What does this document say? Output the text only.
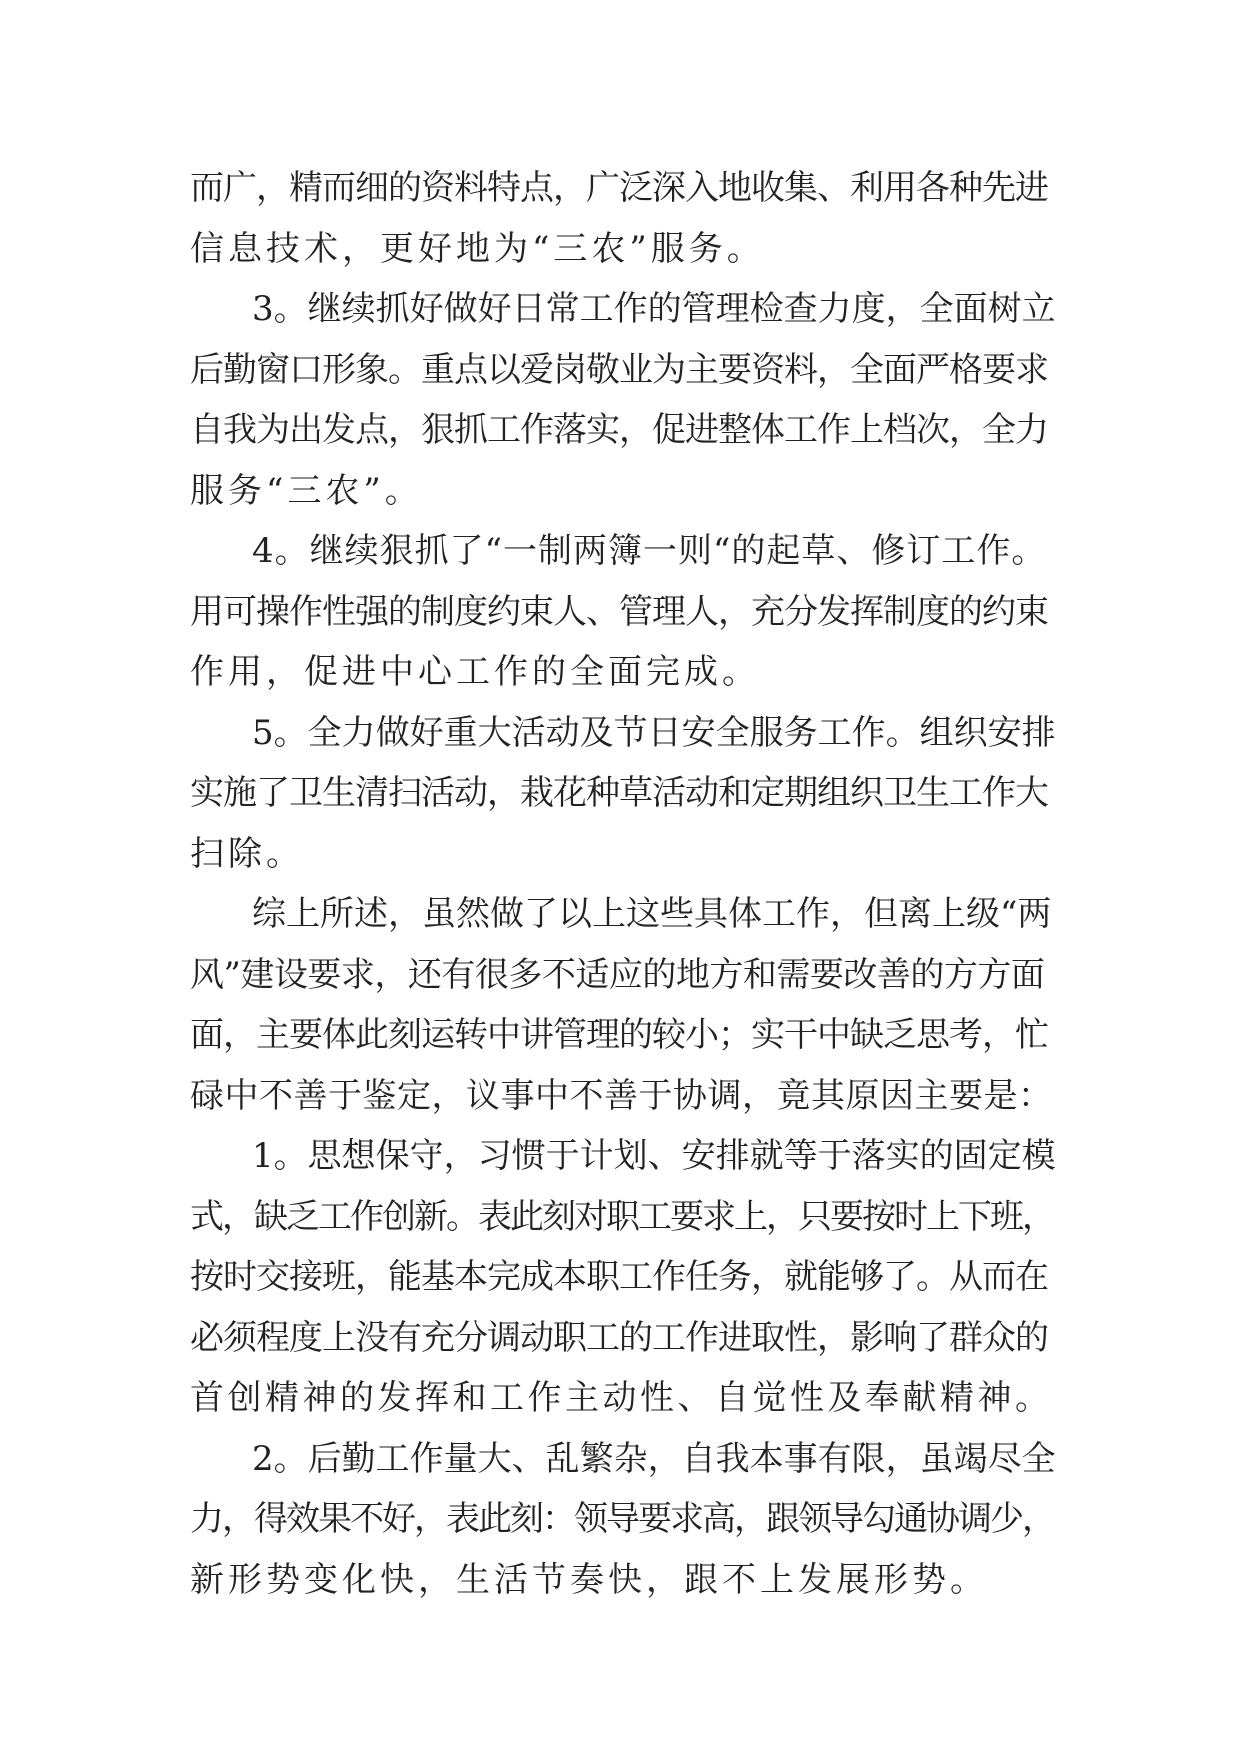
而广，精而细的资料特点，广泛深入地收集、利用各种先进
信息技术，更好地为“三农”服务。
3。继续抓好做好日常工作的管理检查力度，全面树立
后勤窗口形象。重点以爱岗敬业为主要资料，全面严格要求
自我为出发点，狠抓工作落实，促进整体工作上档次，全力
服务“三农”。
4。继续狠抓了“一制两簿一则“的起草、修订工作。
用可操作性强的制度约束人、管理人，充分发挥制度的约束
作用，促进中心工作的全面完成。
5。全力做好重大活动及节日安全服务工作。组织安排
实施了卫生清扫活动，栽花种草活动和定期组织卫生工作大
扫除。
综上所述，虽然做了以上这些具体工作，但离上级“两
风”建设要求，还有很多不适应的地方和需要改善的方方面
面，主要体此刻运转中讲管理的较小；实干中缺乏思考，忙
碌中不善于鉴定，议事中不善于协调，竟其原因主要是：
1。思想保守，习惯于计划、安排就等于落实的固定模
式，缺乏工作创新。表此刻对职工要求上，只要按时上下班，
按时交接班，能基本完成本职工作任务，就能够了。从而在
必须程度上没有充分调动职工的工作进取性，影响了群众的
首创精神的发挥和工作主动性、自觉性及奉献精神。
2。后勤工作量大、乱繁杂，自我本事有限，虽竭尽全
力，得效果不好，表此刻：领导要求高，跟领导勾通协调少，
新形势变化快，生活节奏快，跟不上发展形势。
